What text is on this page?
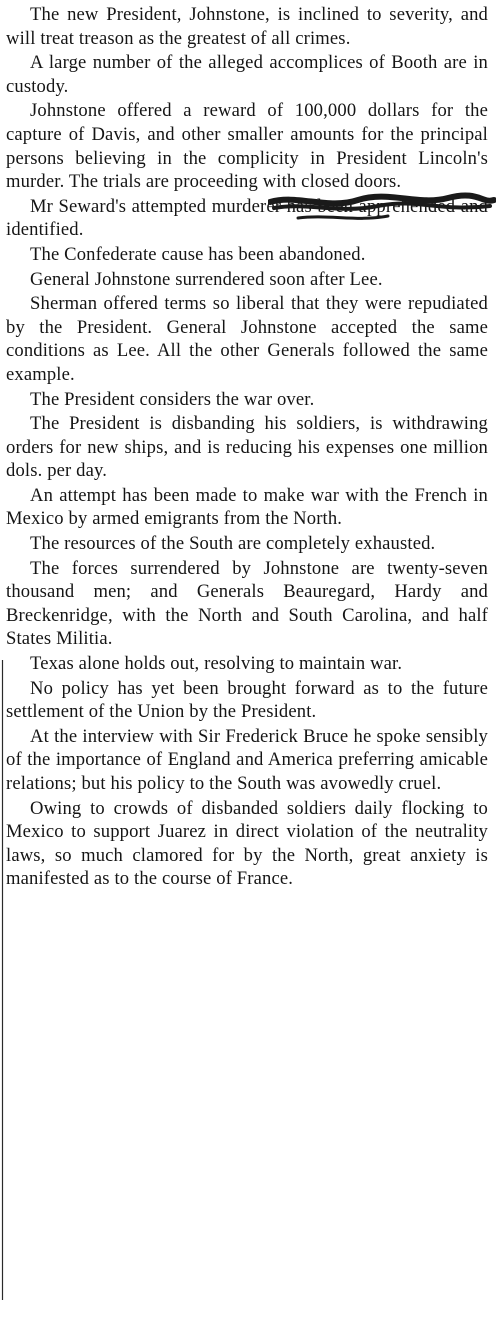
The new President, Johnstone, is inclined to severity, and will treat treason as the greatest of all crimes.

A large number of the alleged accomplices of Booth are in custody.

Johnstone offered a reward of 100,000 dollars for the capture of Davis, and other smaller amounts for the principal persons believing in the complicity in President Lincoln's murder. The trials are proceeding with closed doors.

Mr Seward's attempted murderer has been apprehended and identified.

The Confederate cause has been abandoned.

General Johnstone surrendered soon after Lee.

Sherman offered terms so liberal that they were repudiated by the President. General Johnstone accepted the same conditions as Lee. All the other Generals followed the same example.

The President considers the war over.

The President is disbanding his soldiers, is withdrawing orders for new ships, and is reducing his expenses one million dols. per day.

An attempt has been made to make war with the French in Mexico by armed emigrants from the North.

The resources of the South are completely exhausted.

The forces surrendered by Johnstone are twenty-seven thousand men; and Generals Beauregard, Hardy and Breckenridge, with the North and South Carolina, and half States Militia.

Texas alone holds out, resolving to maintain war.

No policy has yet been brought forward as to the future settlement of the Union by the President.

At the interview with Sir Frederick Bruce he spoke sensibly of the importance of England and America preferring amicable relations; but his policy to the South was avowedly cruel.

Owing to crowds of disbanded soldiers daily flocking to Mexico to support Juarez in direct violation of the neutrality laws, so much clamored for by the North, great anxiety is manifested as to the course of France.
